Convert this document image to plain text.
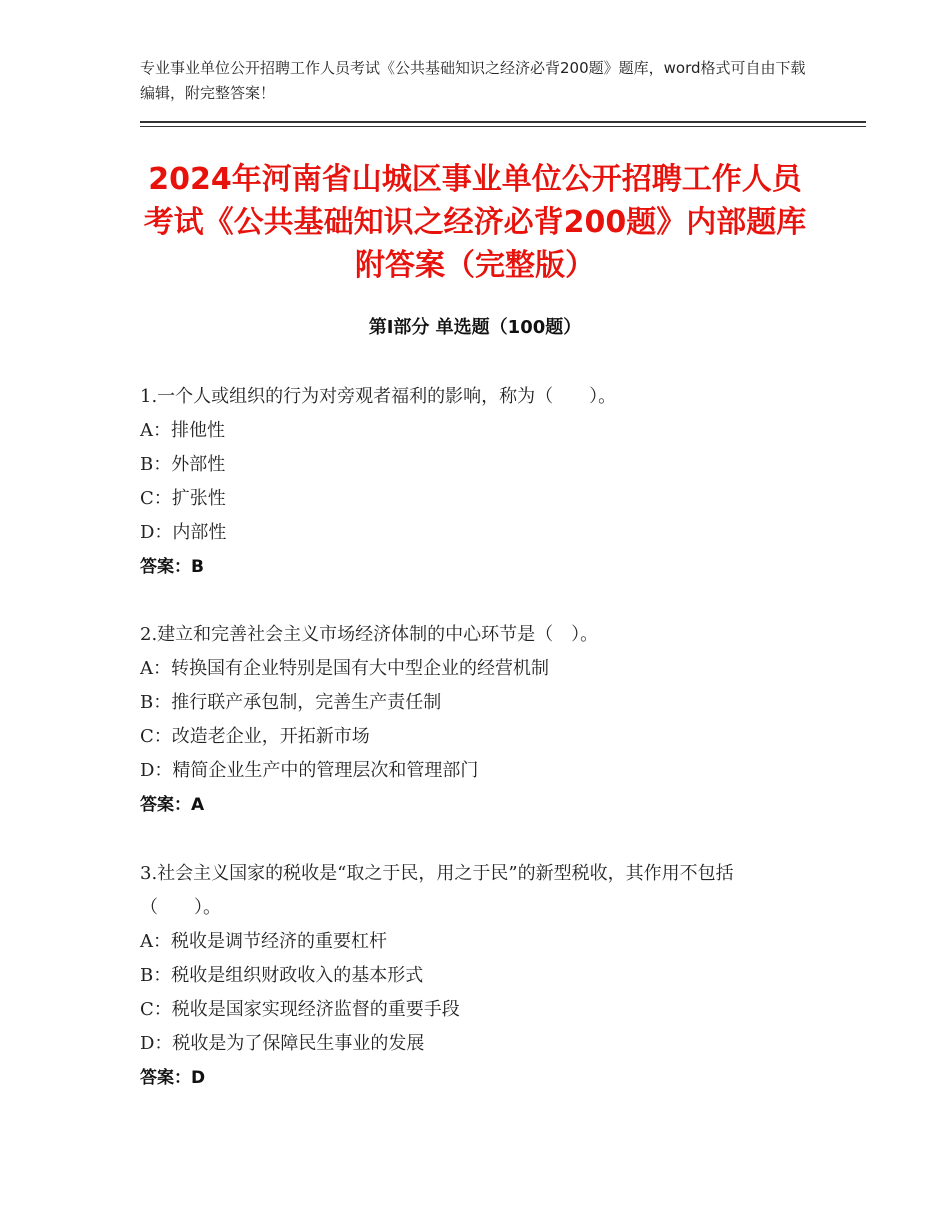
专业事业单位公开招聘工作人员考试《公共基础知识之经济必背200题》题库，word格式可自由下载编辑，附完整答案！
2024年河南省山城区事业单位公开招聘工作人员考试《公共基础知识之经济必背200题》内部题库附答案（完整版）
第Ⅰ部分 单选题（100题）

1.一个人或组织的行为对旁观者福利的影响，称为（　　）。

A：排他性

B：外部性

C：扩张性

D：内部性

答案：B

2.建立和完善社会主义市场经济体制的中心环节是（　）。

A：转换国有企业特别是国有大中型企业的经营机制

B：推行联产承包制，完善生产责任制

C：改造老企业，开拓新市场

D：精简企业生产中的管理层次和管理部门

答案：A

3.社会主义国家的税收是“取之于民，用之于民”的新型税收，其作用不包括（　　）。

A：税收是调节经济的重要杠杆

B：税收是组织财政收入的基本形式

C：税收是国家实现经济监督的重要手段

D：税收是为了保障民生事业的发展

答案：D
